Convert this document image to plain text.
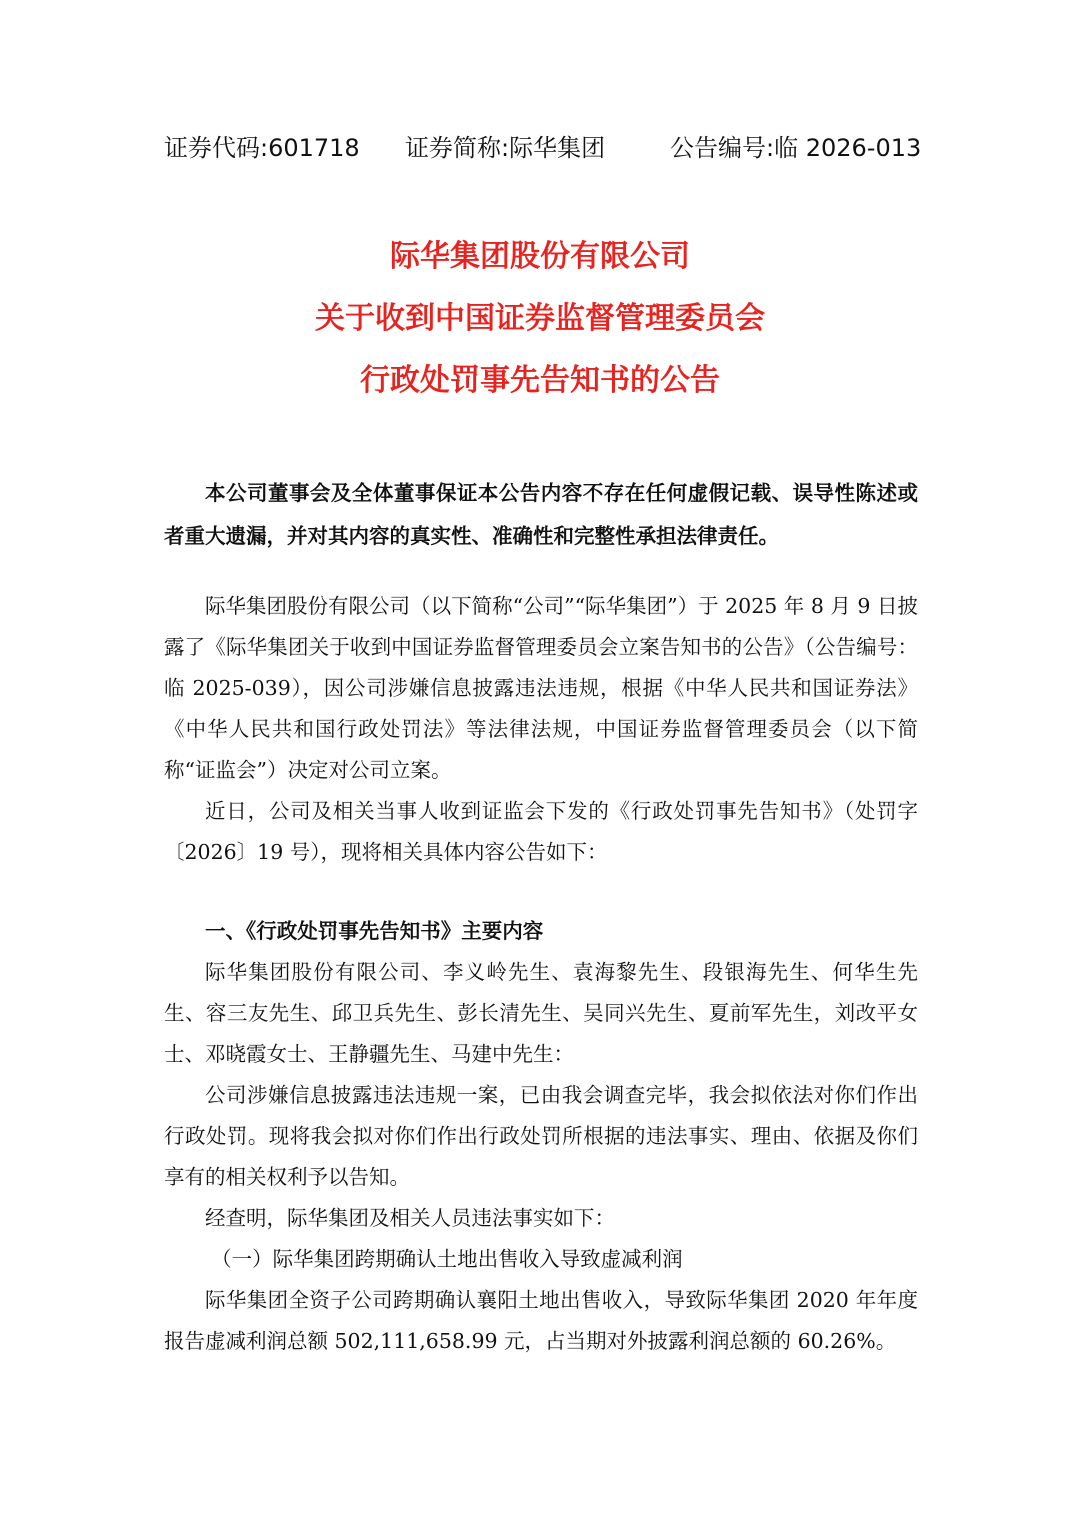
证券代码:601718 证券简称:际华集团	公告编号:临 2026-013
际华集团股份有限公司
关于收到中国证券监督管理委员会
行政处罚事先告知书的公告

本公司董事会及全体董事保证本公告内容不存在任何虚假记载、误导性陈述或者重大遗漏，并对其内容的真实性、准确性和完整性承担法律责任。

际华集团股份有限公司（以下简称“公司”“际华集团”）于 2025 年 8 月 9 日披露了《际华集团关于收到中国证券监督管理委员会立案告知书的公告》（公告编号：临 2025-039），因公司涉嫌信息披露违法违规，根据《中华人民共和国证券法》《中华人民共和国行政处罚法》等法律法规，中国证券监督管理委员会（以下简称“证监会”）决定对公司立案。

近日，公司及相关当事人收到证监会下发的《行政处罚事先告知书》（处罚字〔2026〕19 号），现将相关具体内容公告如下：

一、《行政处罚事先告知书》主要内容

际华集团股份有限公司、李义岭先生、袁海黎先生、段银海先生、何华生先生、容三友先生、邱卫兵先生、彭长清先生、吴同兴先生、夏前军先生，刘改平女士、邓晓霞女士、王静疆先生、马建中先生：

公司涉嫌信息披露违法违规一案，已由我会调查完毕，我会拟依法对你们作出行政处罚。现将我会拟对你们作出行政处罚所根据的违法事实、理由、依据及你们享有的相关权利予以告知。

经查明，际华集团及相关人员违法事实如下：

（一）际华集团跨期确认土地出售收入导致虚减利润

际华集团全资子公司跨期确认襄阳土地出售收入，导致际华集团 2020 年年度报告虚减利润总额 502,111,658.99 元，占当期对外披露利润总额的 60.26%。
